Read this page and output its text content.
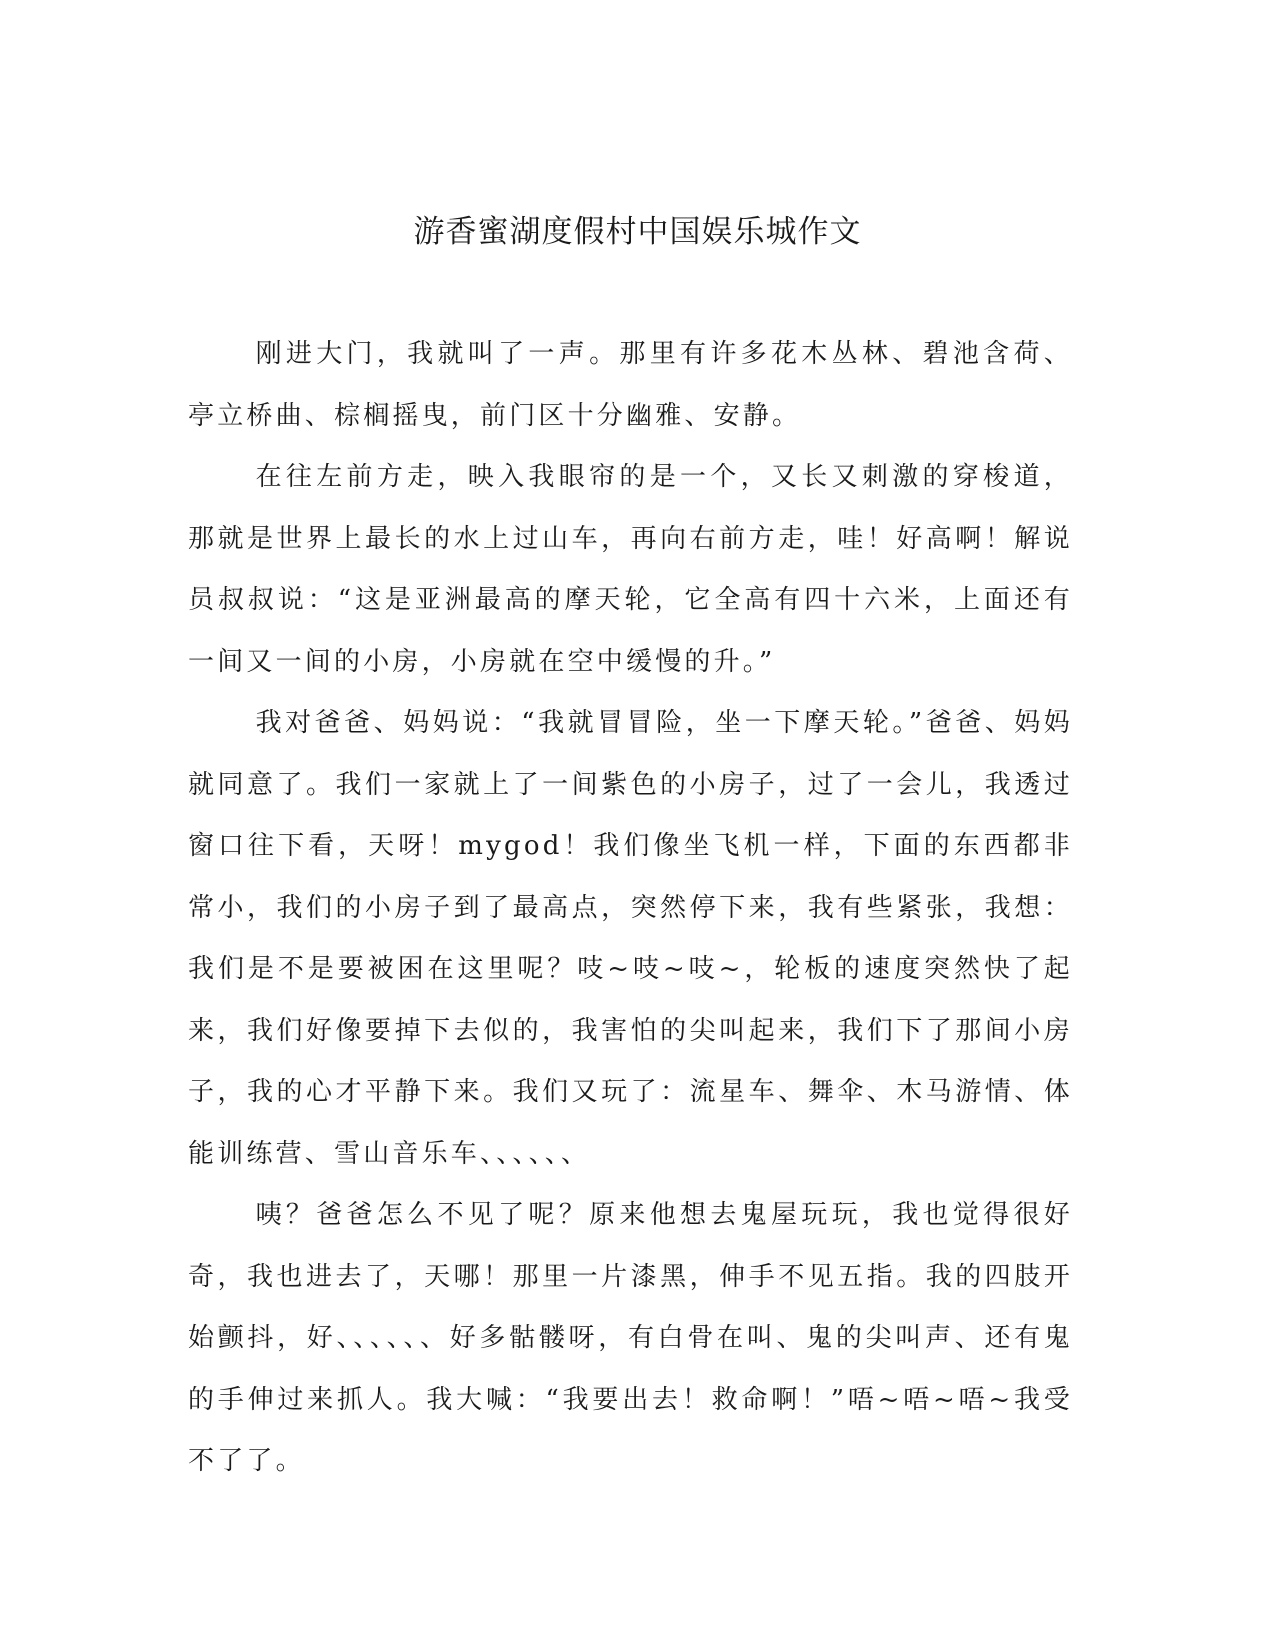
游香蜜湖度假村中国娱乐城作文

刚进大门，我就叫了一声。那里有许多花木丛林、碧池含荷、亭立桥曲、棕榈摇曳，前门区十分幽雅、安静。

在往左前方走，映入我眼帘的是一个，又长又刺激的穿梭道，那就是世界上最长的水上过山车，再向右前方走，哇！好高啊！解说员叔叔说：“这是亚洲最高的摩天轮，它全高有四十六米，上面还有一间又一间的小房，小房就在空中缓慢的升。”

我对爸爸、妈妈说：“我就冒冒险，坐一下摩天轮。”爸爸、妈妈就同意了。我们一家就上了一间紫色的小房子，过了一会儿，我透过窗口往下看，天呀！mygod！我们像坐飞机一样，下面的东西都非常小，我们的小房子到了最高点，突然停下来，我有些紧张，我想：我们是不是要被困在这里呢？吱~吱~吱~，轮板的速度突然快了起来，我们好像要掉下去似的，我害怕的尖叫起来，我们下了那间小房子，我的心才平静下来。我们又玩了：流星车、舞伞、木马游情、体能训练营、雪山音乐车、、、、、、

咦？爸爸怎么不见了呢？原来他想去鬼屋玩玩，我也觉得很好奇，我也进去了，天哪！那里一片漆黑，伸手不见五指。我的四肢开始颤抖，好、、、、、、好多骷髅呀，有白骨在叫、鬼的尖叫声、还有鬼的手伸过来抓人。我大喊：“我要出去！救命啊！”唔~唔~唔~我受不了了。
